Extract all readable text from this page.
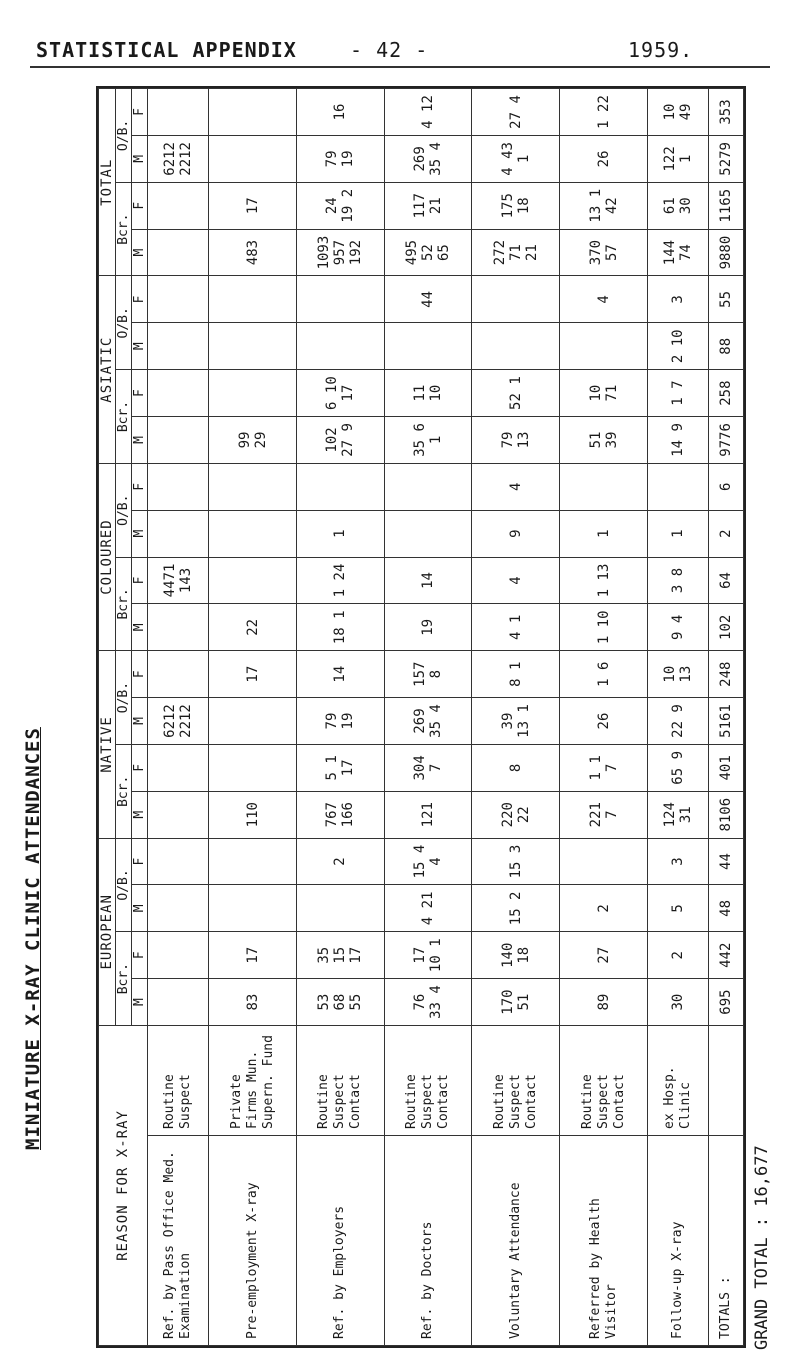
STATISTICAL APPENDIX	- 42 -	1959.
MINIATURE X-RAY CLINIC ATTENDANCES
GRAND TOTAL : 16,677
REASON FOR X-RAY		EUROPEAN				NATIVE				COLOURED				ASIATIC				TOTAL			
		Bcr.		O/B.		Bcr.		O/B.		Bcr.		O/B.		Bcr.		O/B.		Bcr.		O/B.	
		M	F	M	F	M	F	M	F	M	F	M	F	M	F	M	F	M	F	M	F
Ref. by Pass Office Med. Examination	Routine Suspect							6212 2212			4471 143									6212 2212	
Pre-employment X-ray	Private Firms Mun. Supern. Fund	83	17			110			17	22				99 29				483	17		
Ref. by Employers	Routine Suspect Contact	53 68 55	35 15 17		2	767 166	5 1 17	79 19	14	18 1	1 24	1		102 27 9	6 10 17			1093 957 192	24 19 2	79 19	16
Ref. by Doctors	Routine Suspect Contact	76 33 4	17 10 1	4 21	15 4 4	121	304 7	269 35 4	157 8	19	14			35 6 1	11 10		44	495 52 65	117 21	269 35 4	4 12
Voluntary Attendance	Routine Suspect Contact	170 51	140 18	15 2	15 3	220 22	8	39 13 1	8 1	4 1	4	9	4	79 13	52 1			272 71 21	175 18	4 43 1	27 4
Referred by Health Visitor	Routine Suspect Contact	89	27	2		221 7	1 1 7	26	1 6	1 10	1 13	1		51 39	10 71		4	370 57	13 1 42	26	1 22
Follow-up X-ray	ex Hosp. Clinic	30	2	5	3	124 31	65 9	22 9	10 13	9 4	3 8	1		14 9	1 7	2 10	3	144 74	61 30	122 1	10 49
TOTALS :		695	442	48	44	8106	401	5161	248	102	64	2	6	9776	258	88	55	9880	1165	5279	353
